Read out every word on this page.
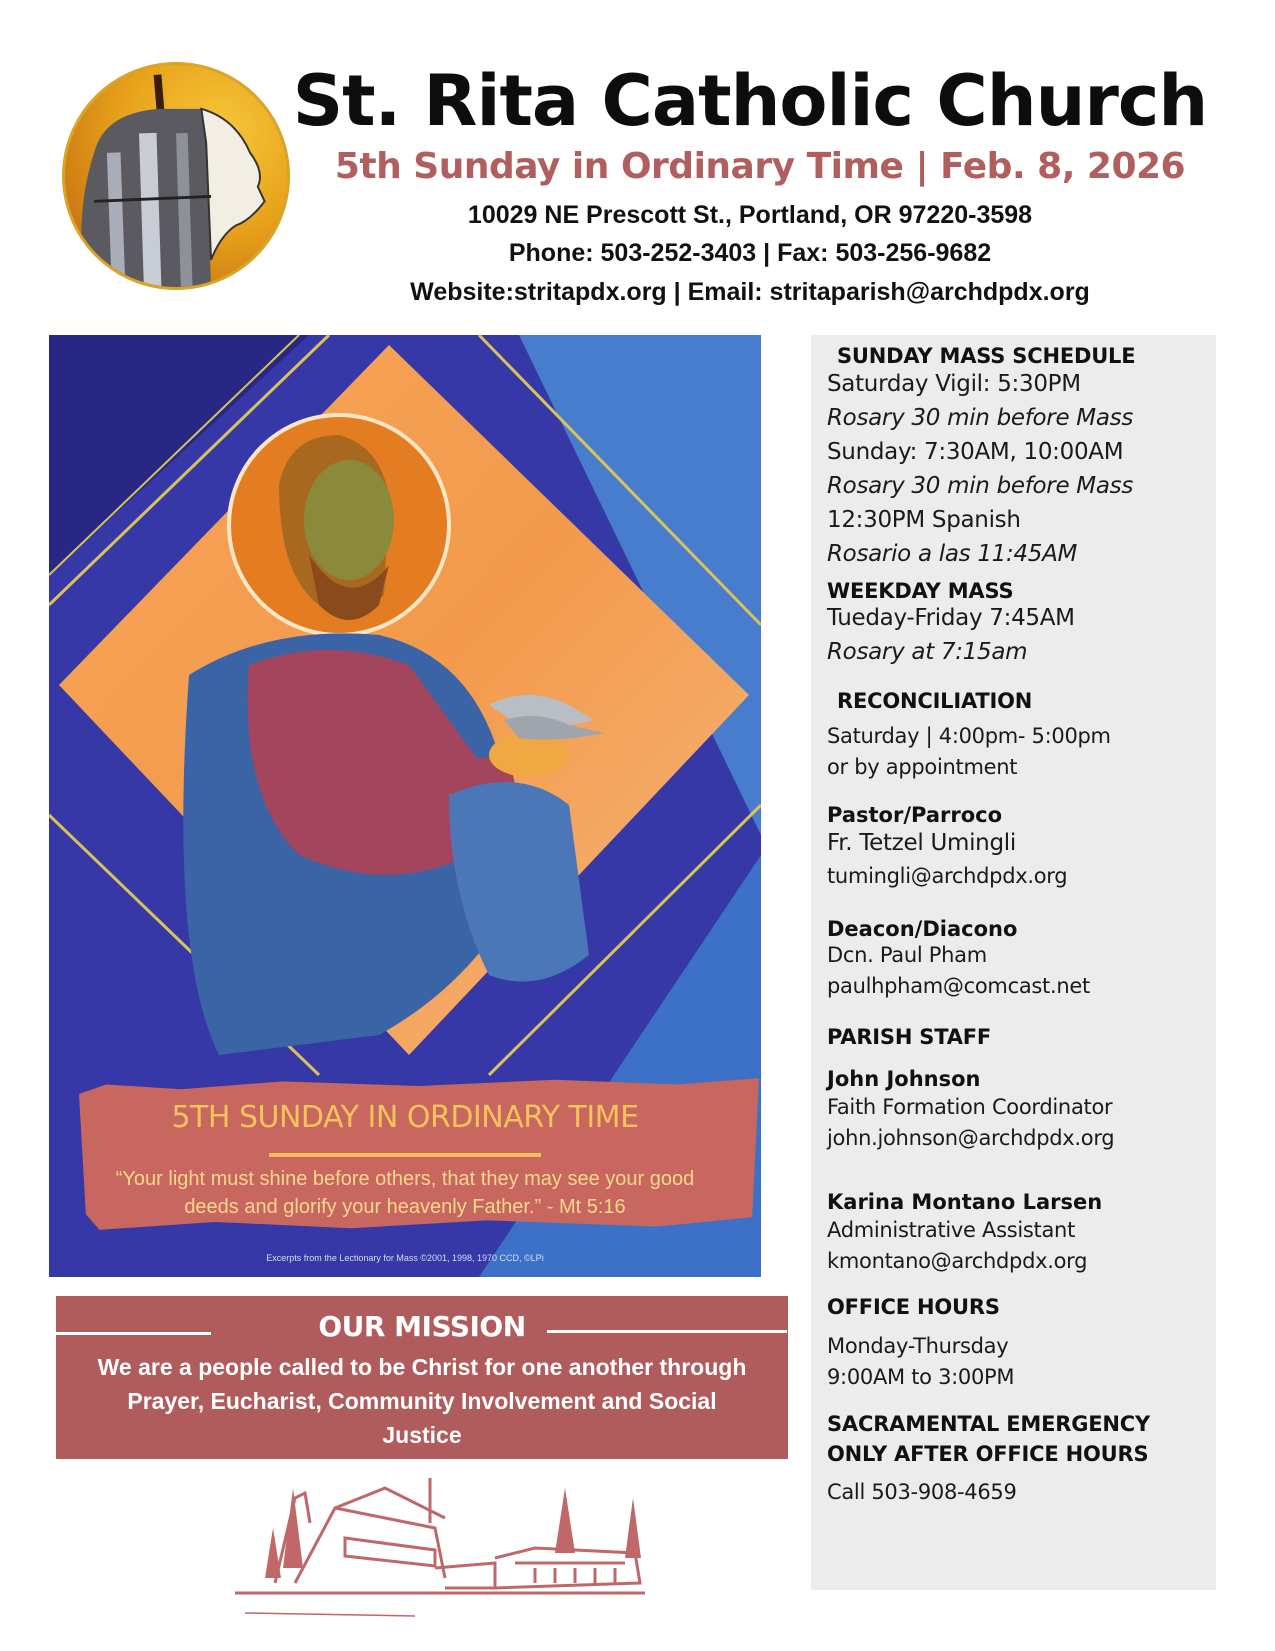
St. Rita Catholic Church
5th Sunday in Ordinary Time | Feb. 8, 2026
10029 NE Prescott St., Portland, OR 97220-3598
Phone: 503-252-3403 | Fax: 503-256-9682
Website:stritapdx.org | Email: stritaparish@archdpdx.org
5TH SUNDAY IN ORDINARY TIME
“Your light must shine before others, that they may see your good deeds and glorify your heavenly Father.” - Mt 5:16
Excerpts from the Lectionary for Mass ©2001, 1998, 1970 CCD, ©LPi
OUR MISSION
We are a people called to be Christ for one another through Prayer, Eucharist, Community Involvement and Social Justice
SUNDAY MASS SCHEDULE
Saturday Vigil: 5:30PM
Rosary 30 min before Mass
Sunday: 7:30AM, 10:00AM
Rosary 30 min before Mass
12:30PM Spanish
Rosario a las 11:45AM
WEEKDAY MASS
Tueday-Friday 7:45AM
Rosary at 7:15am
RECONCILIATION
Saturday | 4:00pm- 5:00pm
or by appointment
Pastor/Parroco
Fr. Tetzel Umingli
tumingli@archdpdx.org
Deacon/Diacono
Dcn. Paul Pham
paulhpham@comcast.net
PARISH STAFF
John Johnson
Faith Formation Coordinator
john.johnson@archdpdx.org
Karina Montano Larsen
Administrative Assistant
kmontano@archdpdx.org
OFFICE HOURS
Monday-Thursday
9:00AM to 3:00PM
SACRAMENTAL EMERGENCY
ONLY AFTER OFFICE HOURS
Call 503-908-4659
